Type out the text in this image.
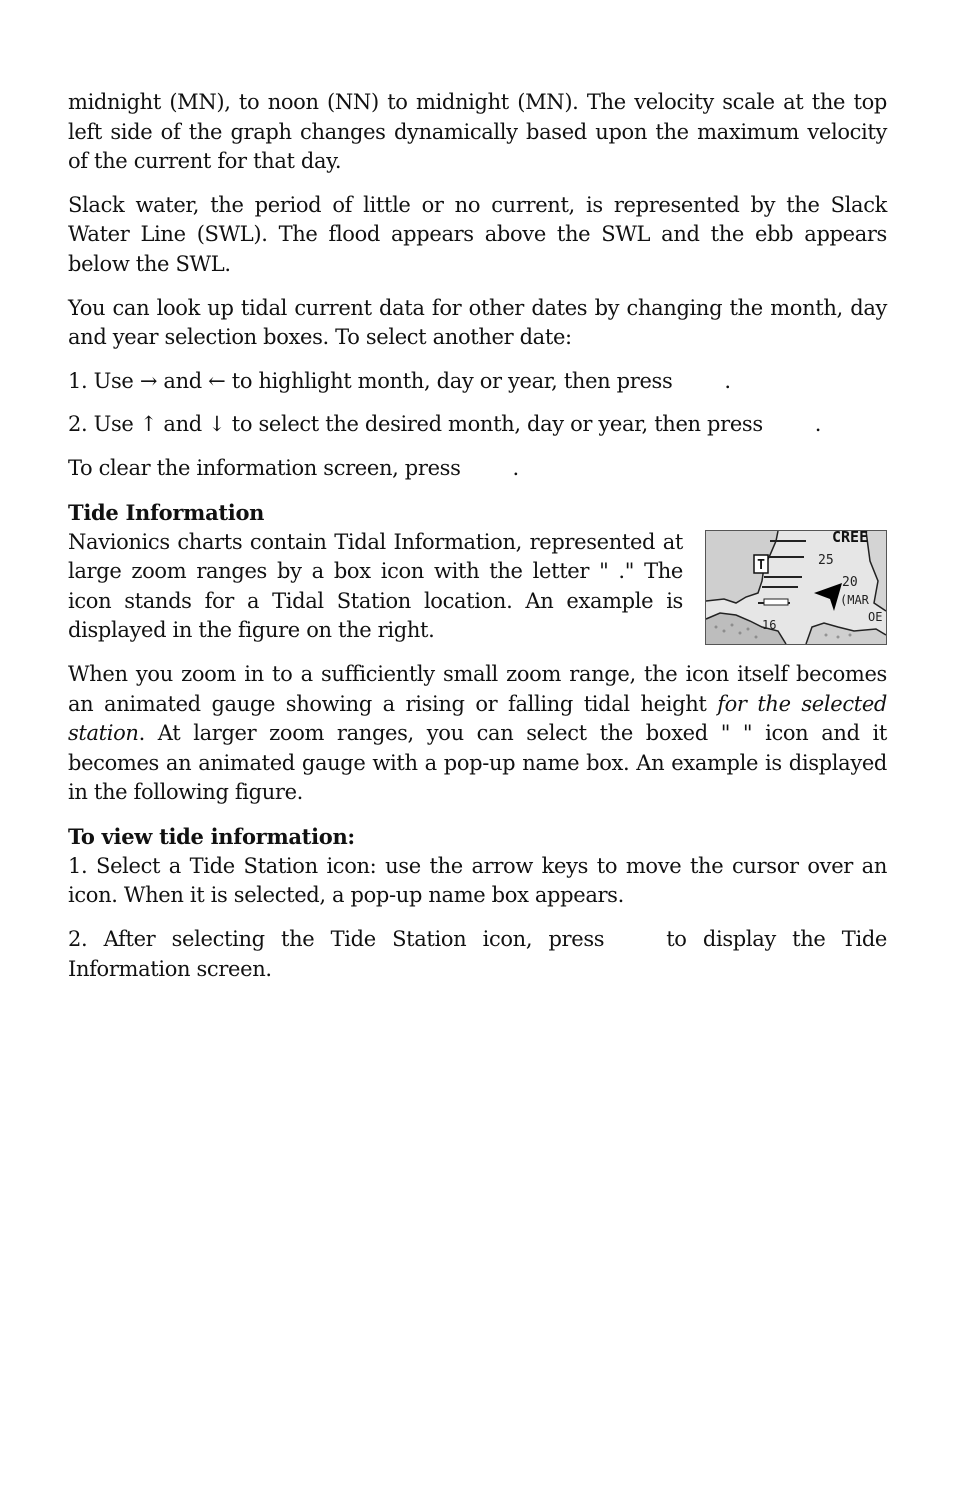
midnight (MN), to noon (NN) to midnight (MN). The velocity scale at the top left side of the graph changes dynamically based upon the maximum velocity of the current for that day.

Slack water, the period of little or no current, is represented by the Slack Water Line (SWL). The flood appears above the SWL and the ebb appears below the SWL.

You can look up tidal current data for other dates by changing the month, day and year selection boxes. To select another date:

1. Use → and ← to highlight month, day or year, then press .

2. Use ↑ and ↓ to select the desired month, day or year, then press .

To clear the information screen, press .

Tide Information
T	25
20
16
CREE
(MAR
OE

Navionics charts contain Tidal Information, represented at large zoom ranges by a box icon with the letter " ." The icon stands for a Tidal Station location. An example is displayed in the figure on the right.

When you zoom in to a sufficiently small zoom range, the icon itself becomes an animated gauge showing a rising or falling tidal height for the selected station. At larger zoom ranges, you can select the boxed " " icon and it becomes an animated gauge with a pop-up name box. An example is displayed in the following figure.

To view tide information:

1. Select a Tide Station icon: use the arrow keys to move the cursor over an icon. When it is selected, a pop-up name box appears.

2. After selecting the Tide Station icon, press	to display the Tide Information screen.
